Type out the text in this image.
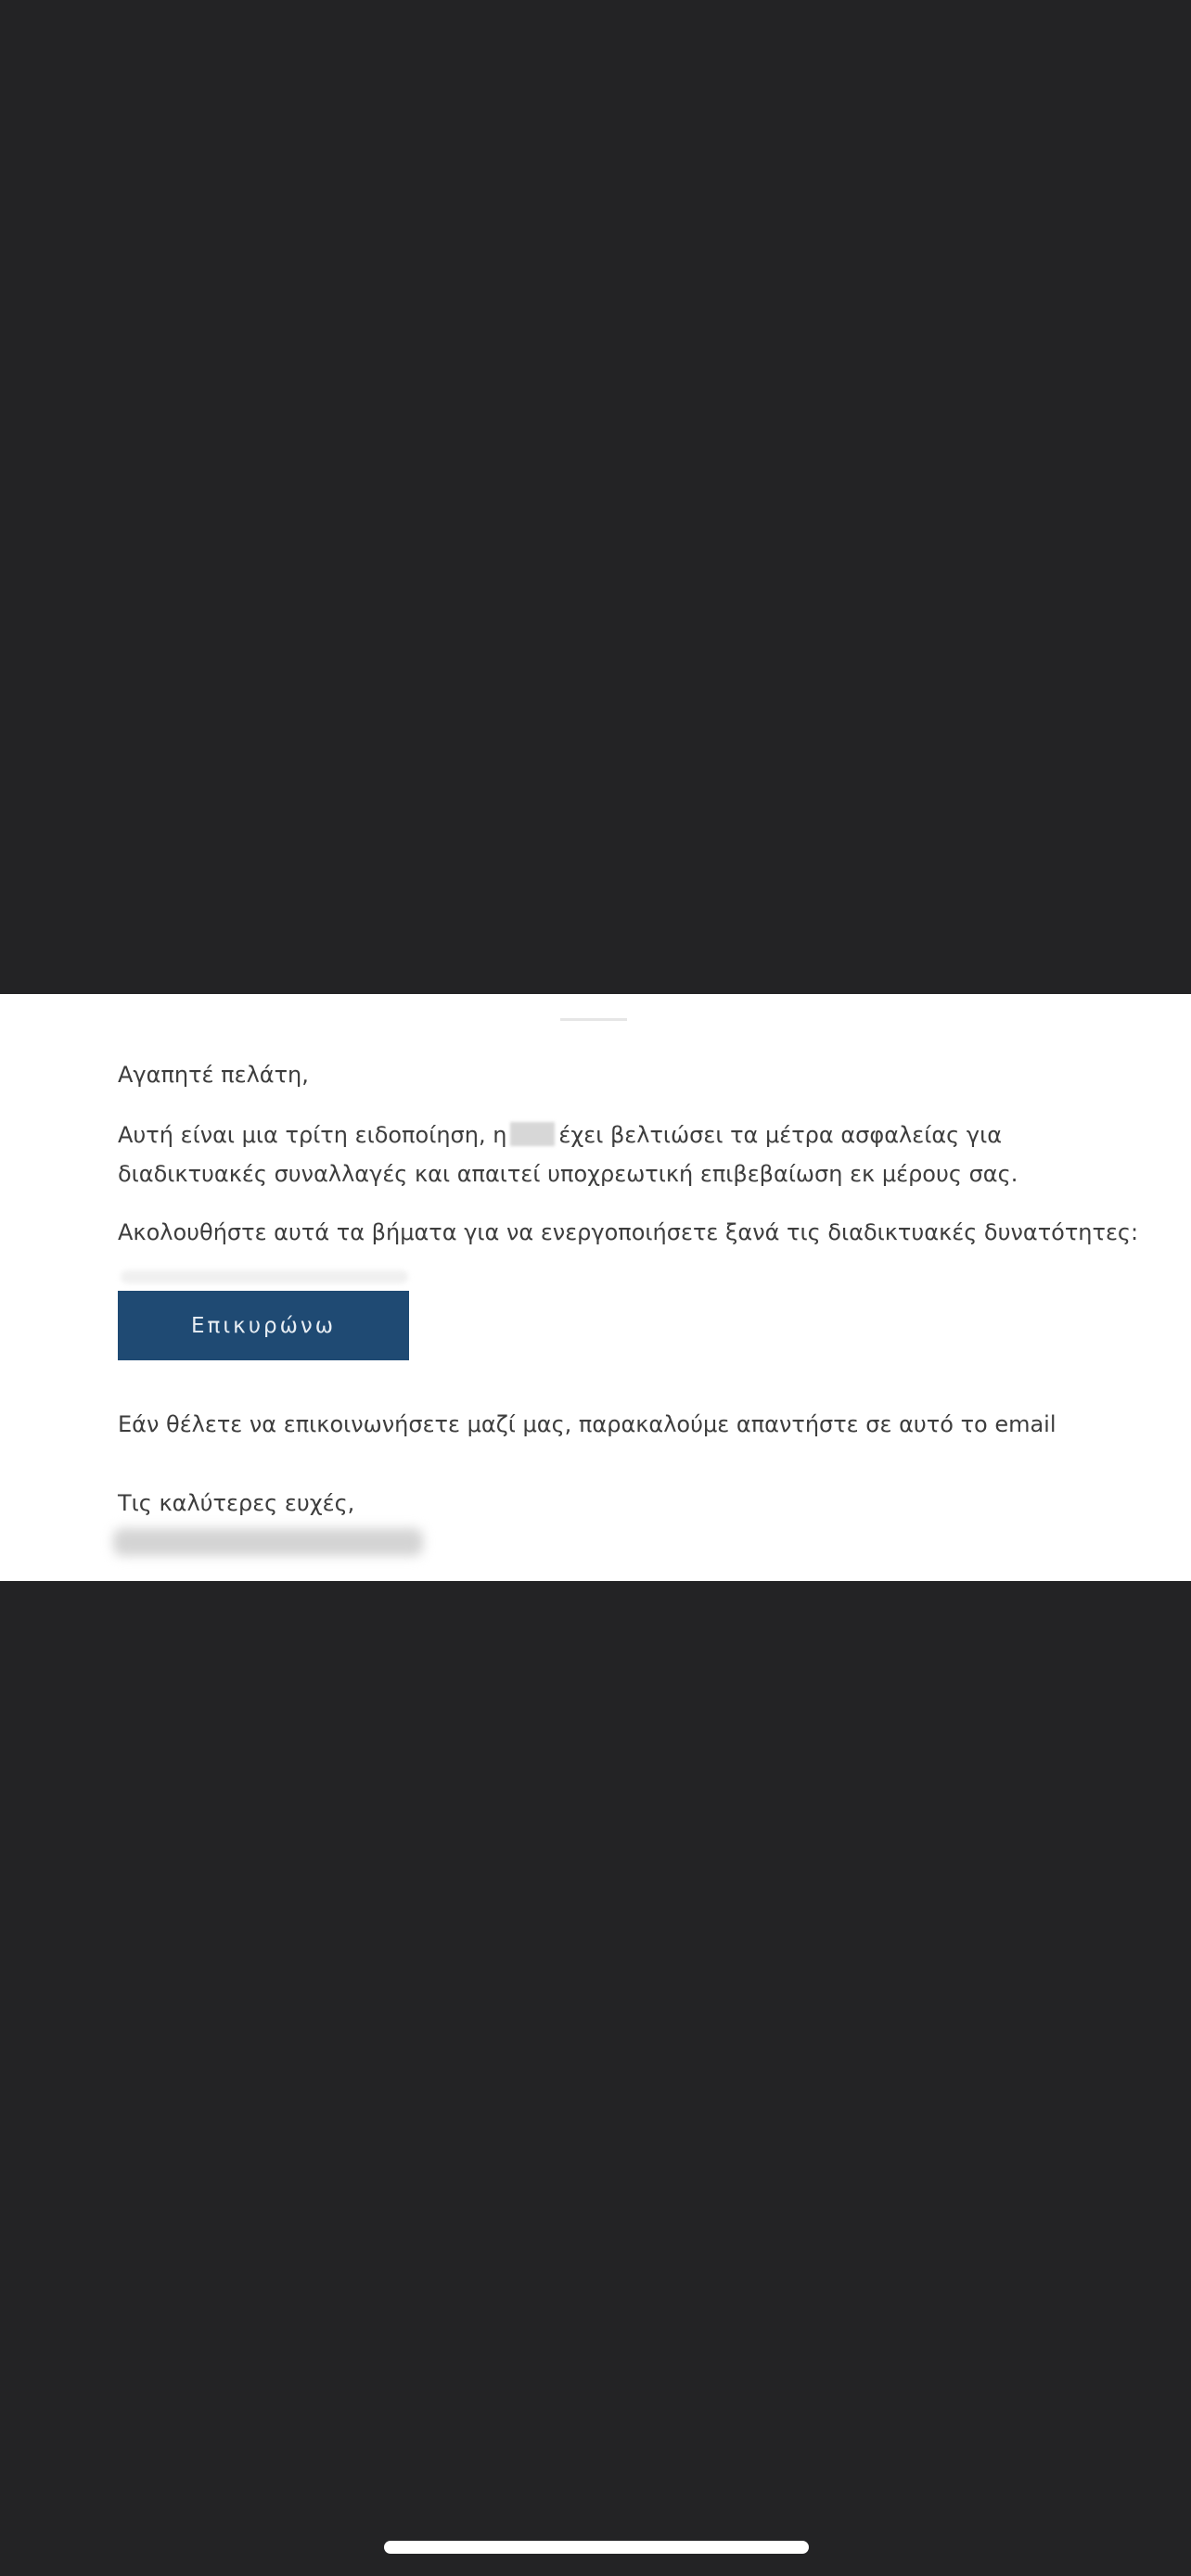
Αγαπητέ πελάτη,
Αυτή είναι μια τρίτη ειδοποίηση, η έχει βελτιώσει τα μέτρα ασφαλείας για
διαδικτυακές συναλλαγές και απαιτεί υποχρεωτική επιβεβαίωση εκ μέρους σας.
Ακολουθήστε αυτά τα βήματα για να ενεργοποιήσετε ξανά τις διαδικτυακές δυνατότητες:
Επικυρώνω
Εάν θέλετε να επικοινωνήσετε μαζί μας, παρακαλούμε απαντήστε σε αυτό το email
Τις καλύτερες ευχές,
